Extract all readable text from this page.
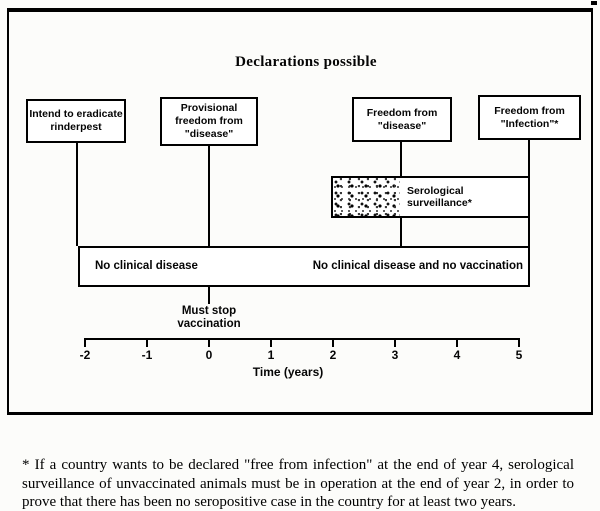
Declarations possible
Intend to eradicate
rinderpest
Provisional
freedom from
"disease"
Freedom from
"disease"
Freedom from
"Infection"*
Serological surveillance*
No clinical disease	No clinical disease and no vaccination
Must stop
vaccination
-2	-1	0	1	2	3	4	5
Time (years)
* If a country wants to be declared "free from infection" at the end of year 4, serological
surveillance of unvaccinated animals must be in operation at the end of year 2, in order to
prove that there has been no seropositive case in the country for at least two years.
